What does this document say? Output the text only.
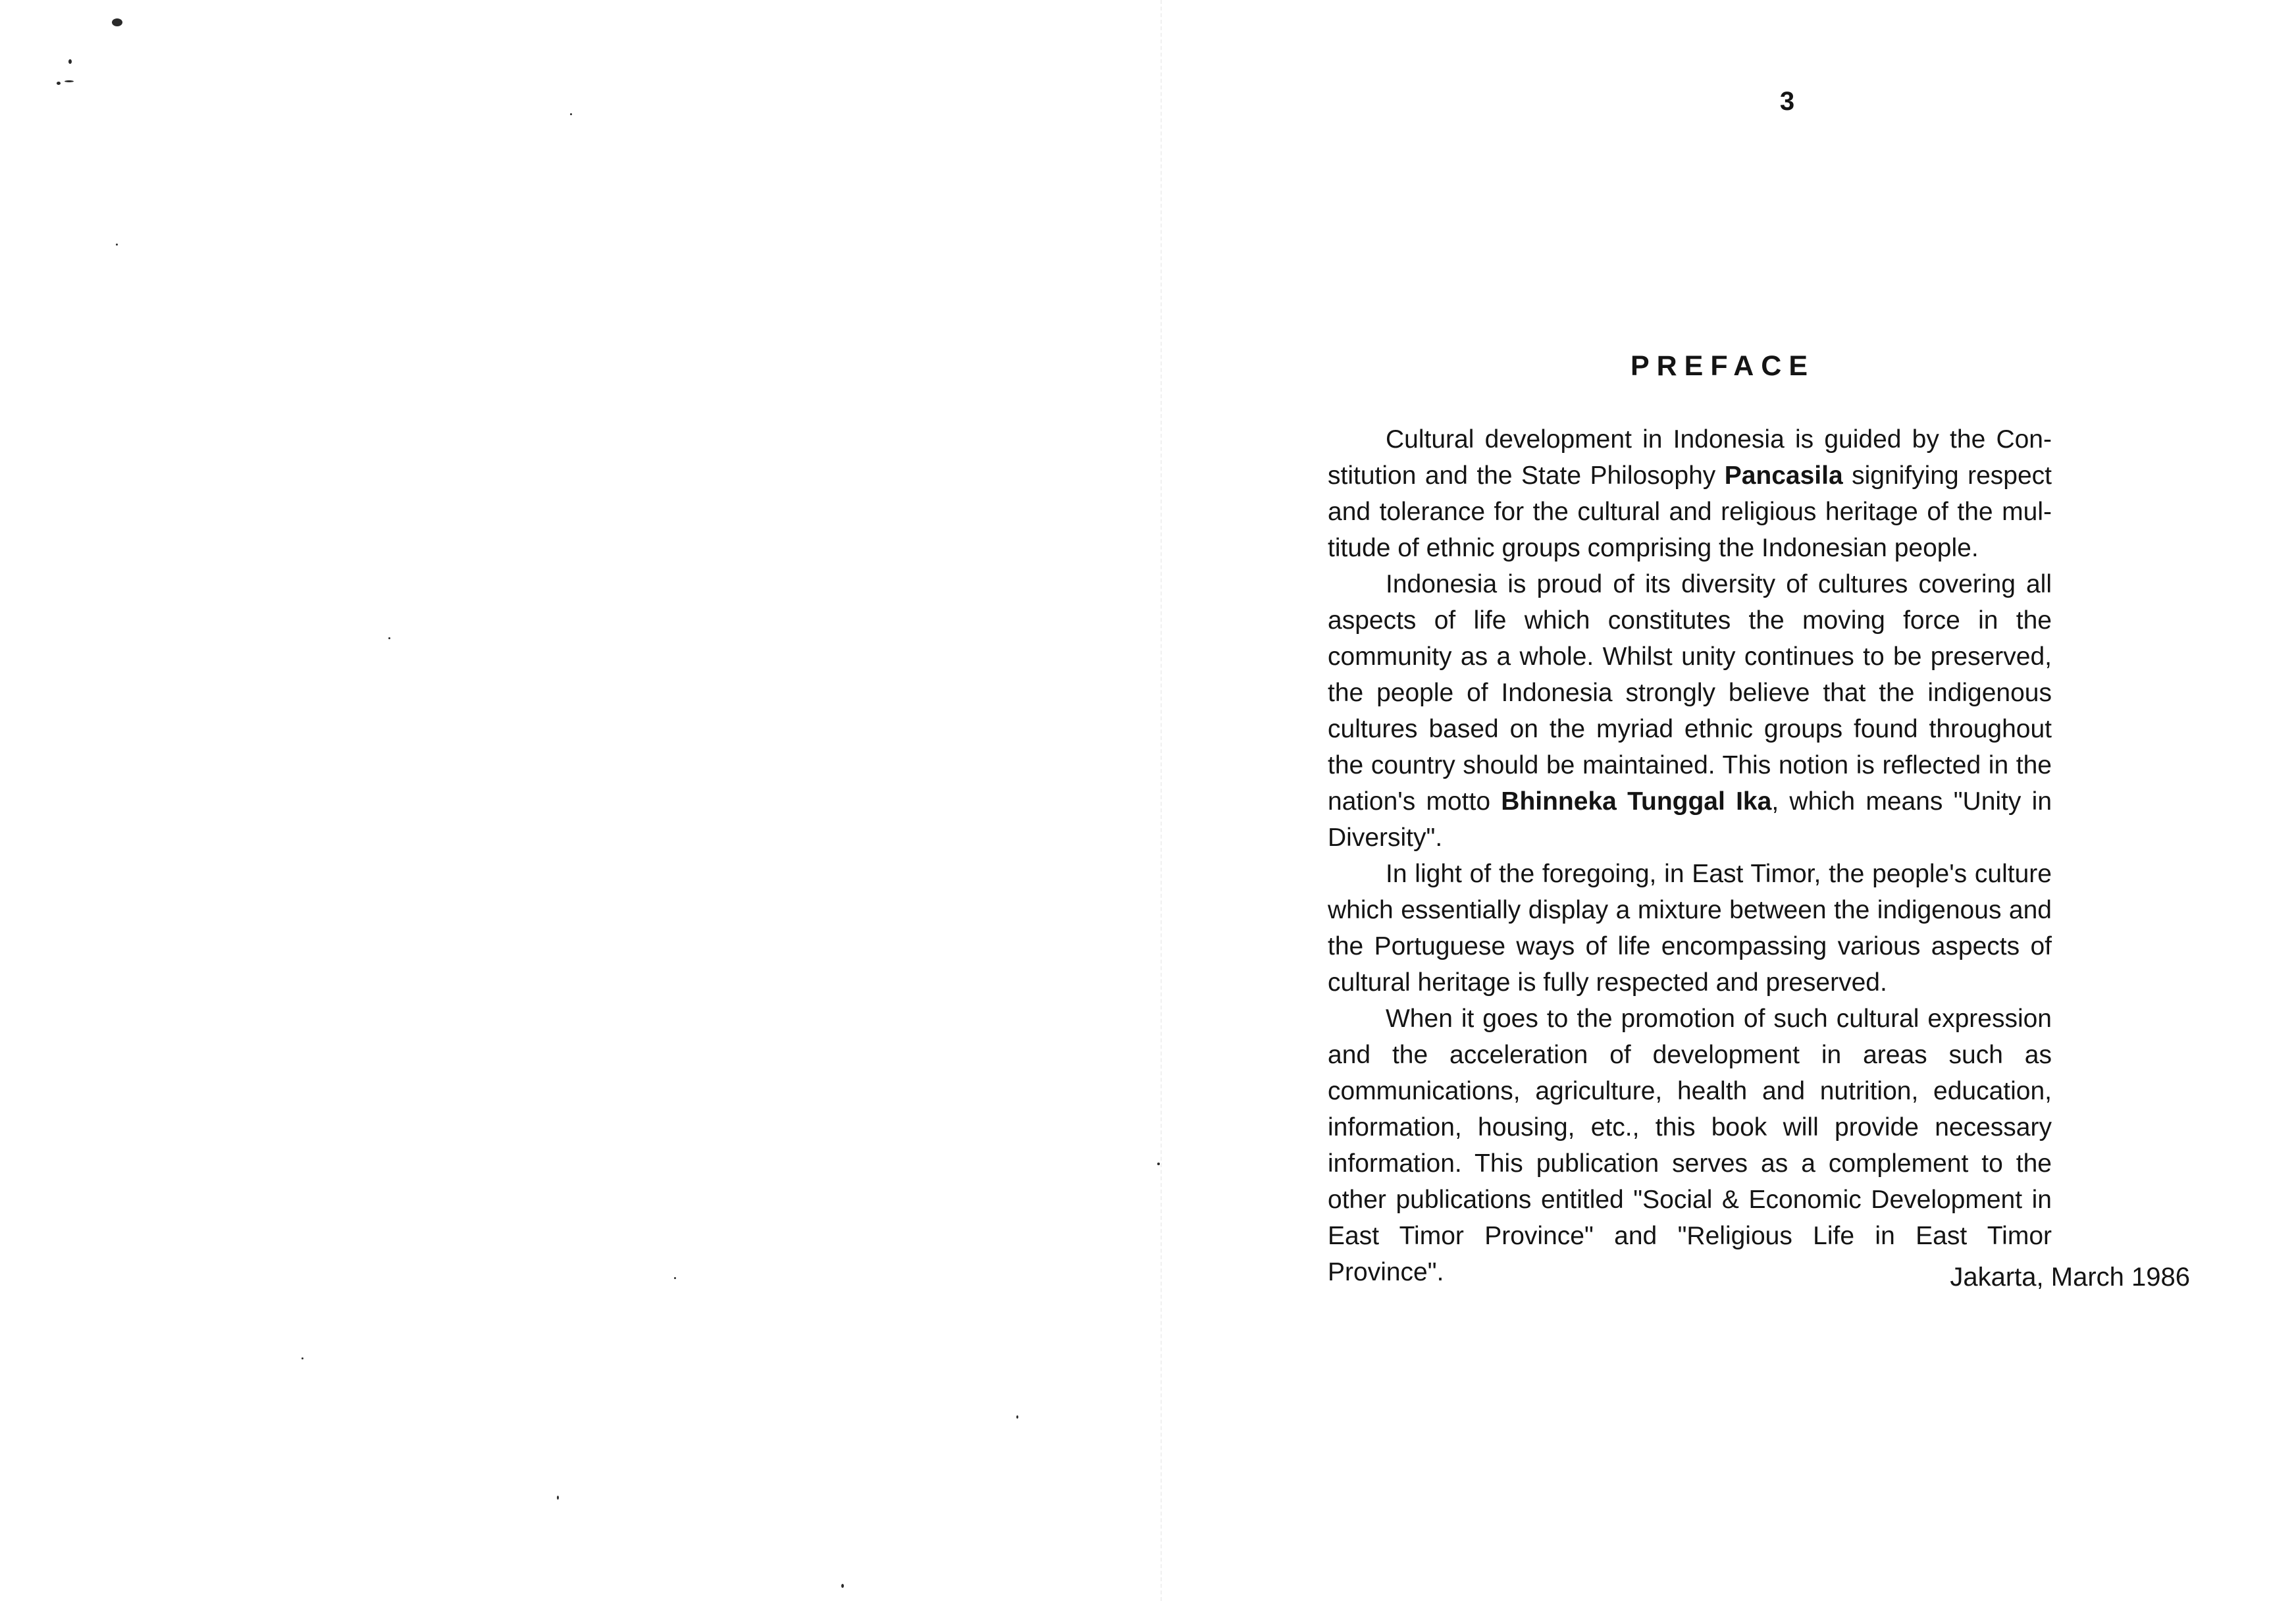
3
PREFACE

Cultural development in Indonesia is guided by the Constitution and the State Philosophy Pancasila signifying respect and tolerance for the cultural and religious heritage of the multitude of ethnic groups comprising the Indonesian people.

Indonesia is proud of its diversity of cultures covering all aspects of life which constitutes the moving force in the community as a whole. Whilst unity continues to be preserved, the people of Indonesia strongly believe that the indigenous cultures based on the myriad ethnic groups found throughout the country should be maintained. This notion is reflected in the nation's motto Bhinneka Tunggal Ika, which means "Unity in Diversity".

In light of the foregoing, in East Timor, the people's culture which essentially display a mixture between the indigenous and the Portuguese ways of life encompassing various aspects of cultural heritage is fully respected and preserved.

When it goes to the promotion of such cultural expression and the acceleration of development in areas such as communications, agriculture, health and nutrition, education, information, housing, etc., this book will provide necessary information. This publication serves as a complement to the other publications entitled "Social & Economic Development in East Timor Province" and "Religious Life in East Timor Province".	Jakarta, March 1986
